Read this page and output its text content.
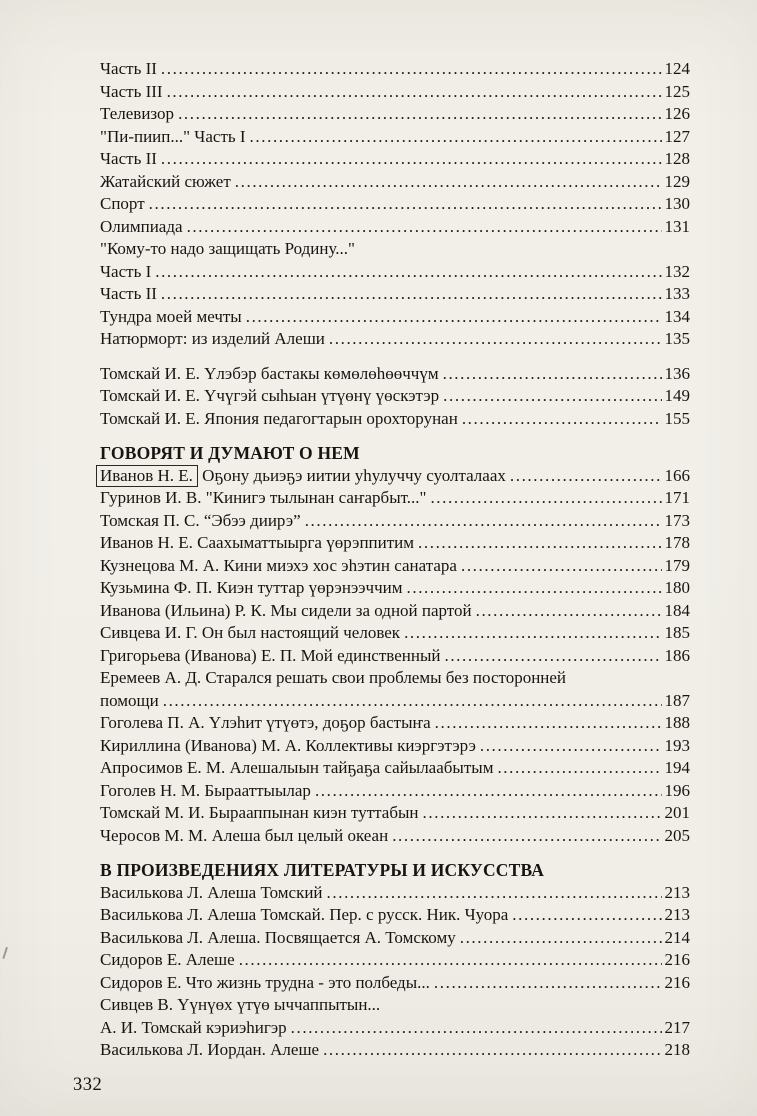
Часть II .....	124
Часть III .....	125
Телевизор .....	126
"Пи-пиип..." Часть I .....	127
Часть II .....	128
Жатайский сюжет .....	129
Спорт .....	130
Олимпиада .....	131
"Кому-то надо защищать Родину..."
Часть I .....	132
Часть II .....	133
Тундра моей мечты .....	134
Натюрморт: из изделий Алеши .....	135
Томскай И. Е. Үлэбэр бастакы көмөлөһөөччүм .....	136
Томскай И. Е. Үчүгэй сыһыан үтүөнү үөскэтэр .....	149
Томскай И. Е. Япония педагогтарын орохторунан .....	155
ГОВОРЯТ И ДУМАЮТ О НЕМ
Иванов Н. Е. Оҕону дьиэҕэ иитии уһулуччу суолталаах .....	166
Гуринов И. В. "Кинигэ тылынан саҥарбыт..." .....	171
Томская П. С. “Эбээ диирэ” .....	173
Иванов Н. Е. Саахыматтыырга үөрэппитим .....	178
Кузнецова М. А. Кини миэхэ хос эһэтин санатара .....	179
Кузьмина Ф. П. Киэн туттар үөрэнээччим .....	180
Иванова (Ильина) Р. К. Мы сидели за одной партой .....	184
Сивцева И. Г. Он был настоящий человек .....	185
Григорьева (Иванова) Е. П. Мой единственный .....	186
Еремеев А. Д. Старался решать свои проблемы без посторонней
помощи .....	187
Гоголева П. А. Үлэһит үтүөтэ, доҕор бастыҥа .....	188
Кириллина (Иванова) М. А. Коллективы киэргэтэрэ .....	193
Апросимов Е. М. Алешалыын тайҕаҕа сайылаабытым .....	194
Гоголев Н. М. Бырааттыылар .....	196
Томскай М. И. Бырааппынан киэн туттабын .....	201
Черосов М. М. Алеша был целый океан .....	205
В ПРОИЗВЕДЕНИЯХ ЛИТЕРАТУРЫ И ИСКУССТВА
Василькова Л. Алеша Томский .....	213
Василькова Л. Алеша Томскай. Пер. с русск. Ник. Чуора .....	213
Василькова Л. Алеша. Посвящается А. Томскому .....	214
Сидоров Е. Алеше .....	216
Сидоров Е. Что жизнь трудна - это полбеды... .....	216
Сивцев В. Үүнүөх үтүө ыччаппытын...
А. И. Томскай кэриэһигэр .....	217
Василькова Л. Иордан. Алеше .....	218
332
